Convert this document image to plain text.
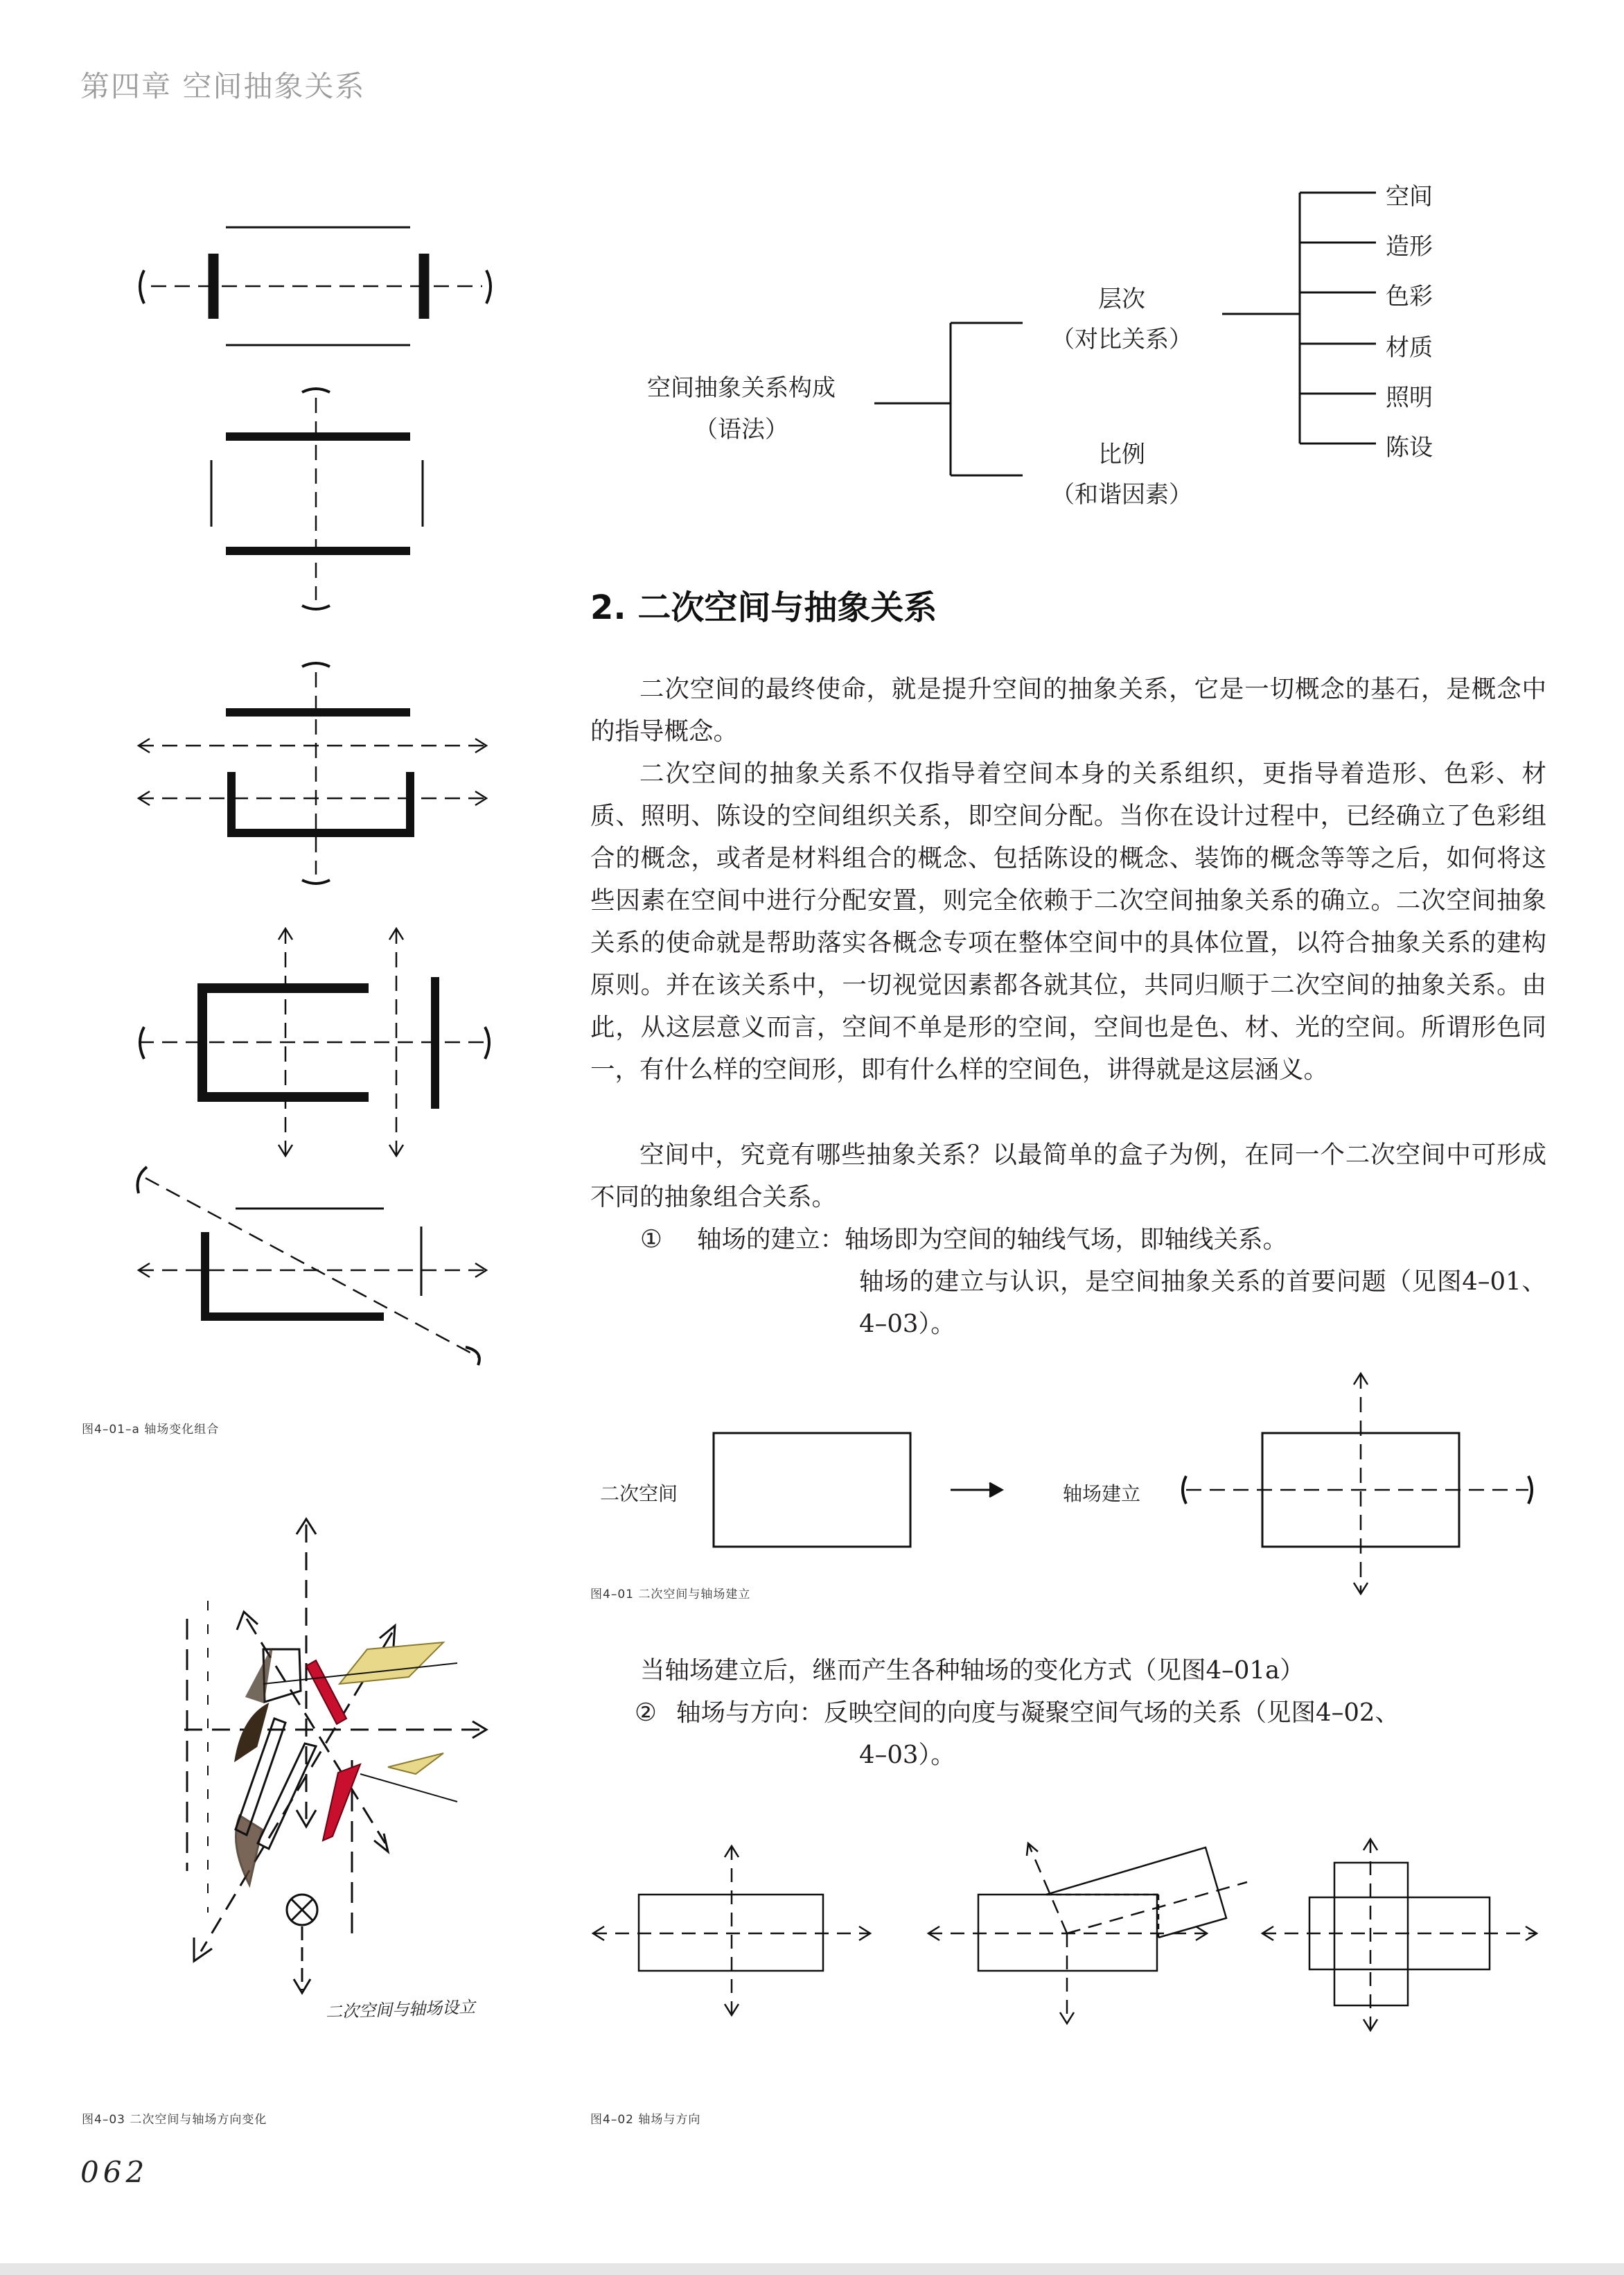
第四章 空间抽象关系
图4–01–a 轴场变化组合
二次空间与轴场设立
图4–03 二次空间与轴场方向变化
空间抽象关系构成
（语法）
层次
（对比关系）
比例
（和谐因素）
空间
造形
色彩
材质
照明
陈设
2. 二次空间与抽象关系
二次空间的最终使命，就是提升空间的抽象关系，它是一切概念的基石，是概念中的指导概念。
二次空间的抽象关系不仅指导着空间本身的关系组织，更指导着造形、色彩、材质、照明、陈设的空间组织关系，即空间分配。当你在设计过程中，已经确立了色彩组合的概念，或者是材料组合的概念、包括陈设的概念、装饰的概念等等之后，如何将这些因素在空间中进行分配安置，则完全依赖于二次空间抽象关系的确立。二次空间抽象关系的使命就是帮助落实各概念专项在整体空间中的具体位置，以符合抽象关系的建构原则。并在该关系中，一切视觉因素都各就其位，共同归顺于二次空间的抽象关系。由此，从这层意义而言，空间不单是形的空间，空间也是色、材、光的空间。所谓形色同一，有什么样的空间形，即有什么样的空间色，讲得就是这层涵义。
空间中，究竟有哪些抽象关系？以最简单的盒子为例，在同一个二次空间中可形成不同的抽象组合关系。
① 轴场的建立：轴场即为空间的轴线气场，即轴线关系。
轴场的建立与认识，是空间抽象关系的首要问题（见图4–01、4–03）。
二次空间	轴场建立
图4–01 二次空间与轴场建立
当轴场建立后，继而产生各种轴场的变化方式（见图4–01a）
② 轴场与方向：反映空间的向度与凝聚空间气场的关系（见图4–02、
4–03）。
图4–02 轴场与方向
062
